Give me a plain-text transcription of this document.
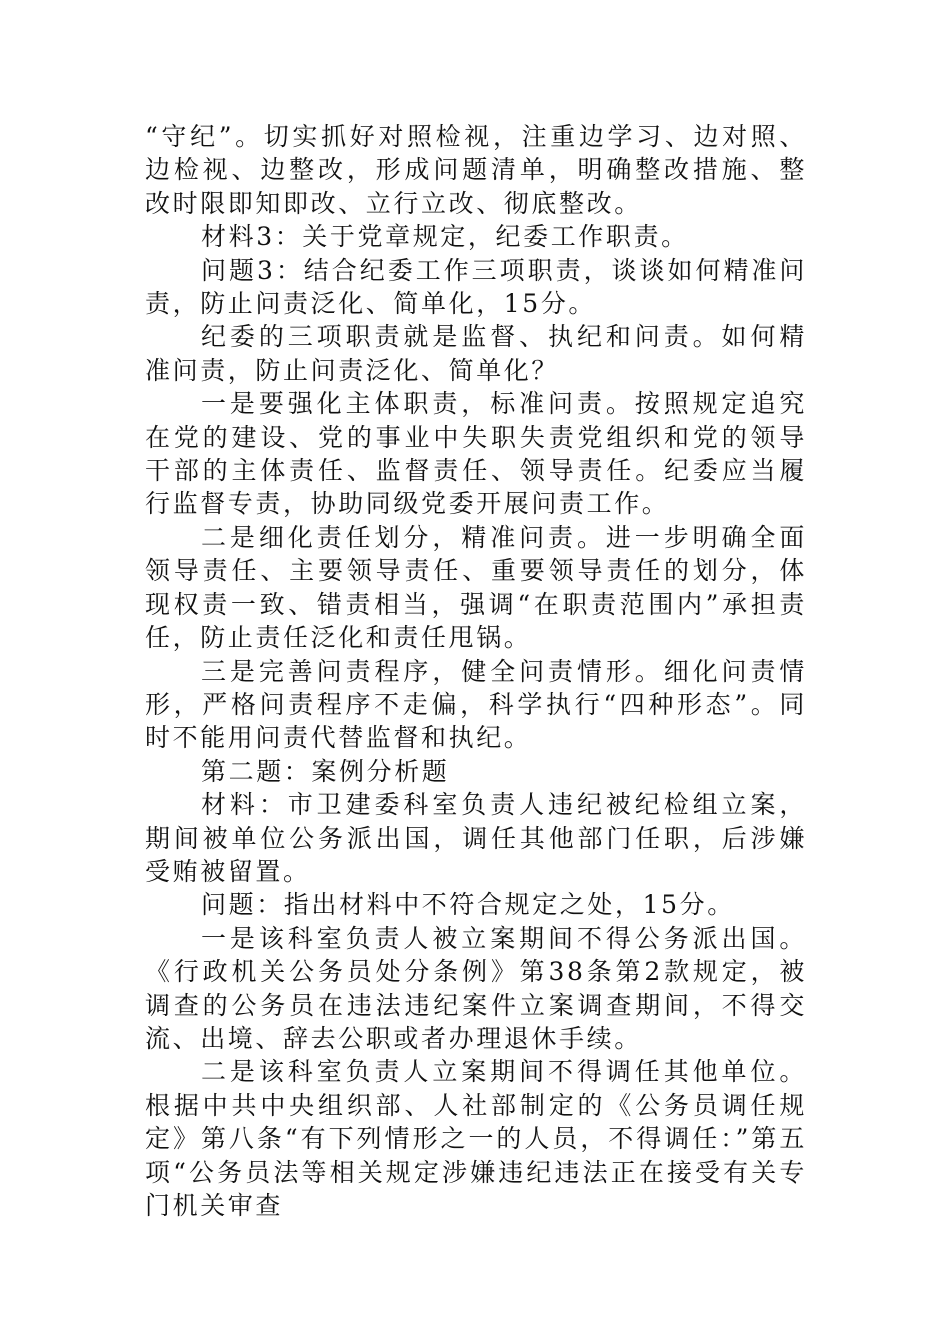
“守纪”。切实抓好对照检视，注重边学习、边对照、边检视、边整改，形成问题清单，明确整改措施、整改时限即知即改、立行立改、彻底整改。

材料3：关于党章规定，纪委工作职责。

问题3：结合纪委工作三项职责，谈谈如何精准问责，防止问责泛化、简单化，15分。

纪委的三项职责就是监督、执纪和问责。如何精准问责，防止问责泛化、简单化？

一是要强化主体职责，标准问责。按照规定追究在党的建设、党的事业中失职失责党组织和党的领导干部的主体责任、监督责任、领导责任。纪委应当履行监督专责，协助同级党委开展问责工作。

二是细化责任划分，精准问责。进一步明确全面领导责任、主要领导责任、重要领导责任的划分，体现权责一致、错责相当，强调“在职责范围内”承担责任，防止责任泛化和责任甩锅。

三是完善问责程序，健全问责情形。细化问责情形，严格问责程序不走偏，科学执行“四种形态”。同时不能用问责代替监督和执纪。

第二题：案例分析题

材料：市卫建委科室负责人违纪被纪检组立案，期间被单位公务派出国，调任其他部门任职，后涉嫌受贿被留置。

问题：指出材料中不符合规定之处，15分。

一是该科室负责人被立案期间不得公务派出国。《行政机关公务员处分条例》第38条第2款规定，被调查的公务员在违法违纪案件立案调查期间，不得交流、出境、辞去公职或者办理退休手续。

二是该科室负责人立案期间不得调任其他单位。根据中共中央组织部、人社部制定的《公务员调任规定》第八条“有下列情形之一的人员，不得调任：”第五项“公务员法等相关规定涉嫌违纪违法正在接受有关专门机关审查
